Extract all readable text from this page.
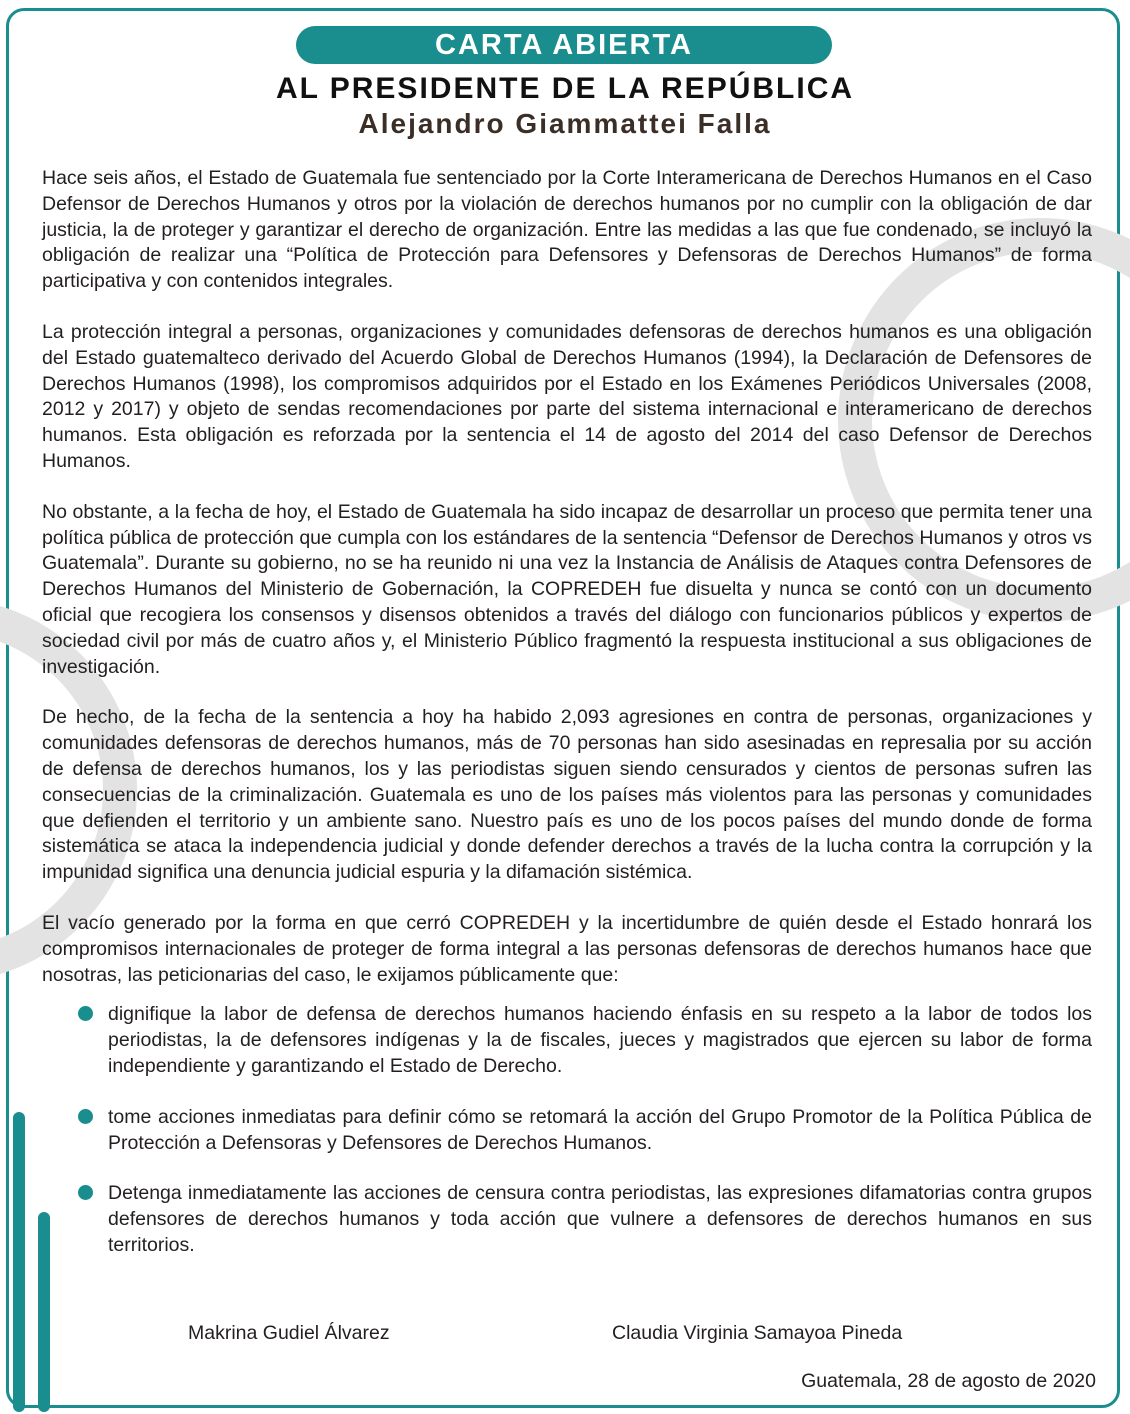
CARTA ABIERTA
AL PRESIDENTE DE LA REPÚBLICA
Alejandro Giammattei Falla

Hace seis años, el Estado de Guatemala fue sentenciado por la Corte Interamericana de Derechos Humanos en el Caso Defensor de Derechos Humanos y otros por la violación de derechos humanos por no cumplir con la obligación de dar justicia, la de proteger y garantizar el derecho de organización. Entre las medidas a las que fue condenado, se incluyó la obligación de realizar una “Política de Protección para Defensores y Defensoras de Derechos Humanos” de forma participativa y con contenidos integrales.

La protección integral a personas, organizaciones y comunidades defensoras de derechos humanos es una obligación del Estado guatemalteco derivado del Acuerdo Global de Derechos Humanos (1994), la Declaración de Defensores de Derechos Humanos (1998), los compromisos adquiridos por el Estado en los Exámenes Periódicos Universales (2008, 2012 y 2017) y objeto de sendas recomendaciones por parte del sistema internacional e interamericano de derechos humanos. Esta obligación es reforzada por la sentencia el 14 de agosto del 2014 del caso Defensor de Derechos Humanos.

No obstante, a la fecha de hoy, el Estado de Guatemala ha sido incapaz de desarrollar un proceso que permita tener una política pública de protección que cumpla con los estándares de la sentencia “Defensor de Derechos Humanos y otros vs Guatemala”. Durante su gobierno, no se ha reunido ni una vez la Instancia de Análisis de Ataques contra Defensores de Derechos Humanos del Ministerio de Gobernación, la COPREDEH fue disuelta y nunca se contó con un documento oficial que recogiera los consensos y disensos obtenidos a través del diálogo con funcionarios públicos y expertos de sociedad civil por más de cuatro años y, el Ministerio Público fragmentó la respuesta institucional a sus obligaciones de investigación.

De hecho, de la fecha de la sentencia a hoy ha habido 2,093 agresiones en contra de personas, organizaciones y comunidades defensoras de derechos humanos, más de 70 personas han sido asesinadas en represalia por su acción de defensa de derechos humanos, los y las periodistas siguen siendo censurados y cientos de personas sufren las consecuencias de la criminalización. Guatemala es uno de los países más violentos para las personas y comunidades que defienden el territorio y un ambiente sano. Nuestro país es uno de los pocos países del mundo donde de forma sistemática se ataca la independencia judicial y donde defender derechos a través de la lucha contra la corrupción y la impunidad significa una denuncia judicial espuria y la difamación sistémica.

El vacío generado por la forma en que cerró COPREDEH y la incertidumbre de quién desde el Estado honrará los compromisos internacionales de proteger de forma integral a las personas defensoras de derechos humanos hace que nosotras, las peticionarias del caso, le exijamos públicamente que:

dignifique la labor de defensa de derechos humanos haciendo énfasis en su respeto a la labor de todos los periodistas, la de defensores indígenas y la de fiscales, jueces y magistrados que ejercen su labor de forma independiente y garantizando el Estado de Derecho.
tome acciones inmediatas para definir cómo se retomará la acción del Grupo Promotor de la Política Pública de Protección a Defensoras y Defensores de Derechos Humanos.
Detenga inmediatamente las acciones de censura contra periodistas, las expresiones difamatorias contra grupos defensores de derechos humanos y toda acción que vulnere a defensores de derechos humanos en sus territorios.
Makrina Gudiel Álvarez	Claudia Virginia Samayoa Pineda
Guatemala, 28 de agosto de 2020
